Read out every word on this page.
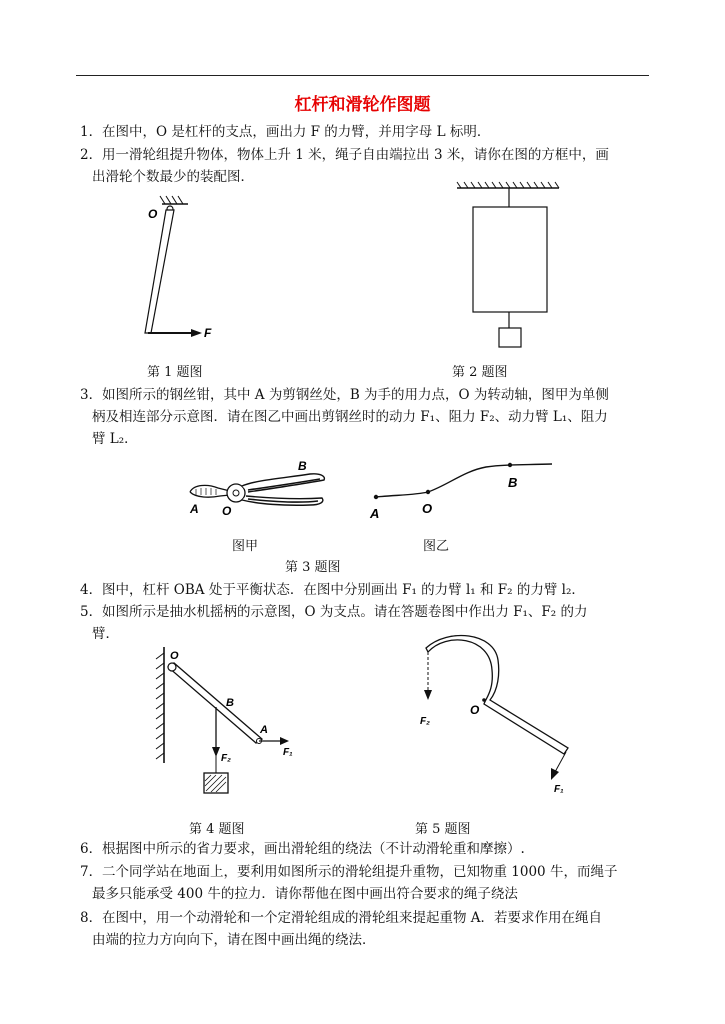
杠杆和滑轮作图题
1．在图中，O 是杠杆的支点，画出力 F 的力臂，并用字母 L 标明．
2．用一滑轮组提升物体，物体上升 1 米，绳子自由端拉出 3 米，请你在图的方框中，画
出滑轮个数最少的装配图．
O
F
第 1 题图	第 2 题图
3．如图所示的钢丝钳，其中 A 为剪钢丝处，B 为手的用力点，O 为转动轴，图甲为单侧
柄及相连部分示意图．请在图乙中画出剪钢丝时的动力 F₁、阻力 F₂、动力臂 L₁、阻力
臂 L₂．
A O
B
A	O
B
图甲	图乙
第 3 题图
4．图中，杠杆 OBA 处于平衡状态．在图中分别画出 F₁ 的力臂 l₁ 和 F₂ 的力臂 l₂．
5．如图所示是抽水机摇柄的示意图，O 为支点。请在答题卷图中作出力 F₁、F₂ 的力
臂．
O
B
A
F₁
F₂
第 4 题图
O
F₂
F₁
第 5 题图
6．根据图中所示的省力要求，画出滑轮组的绕法（不计动滑轮重和摩擦）.
7．二个同学站在地面上，要利用如图所示的滑轮组提升重物，已知物重 1000 牛，而绳子
最多只能承受 400 牛的拉力．请你帮他在图中画出符合要求的绳子绕法
8．在图中，用一个动滑轮和一个定滑轮组成的滑轮组来提起重物 A．若要求作用在绳自
由端的拉力方向向下，请在图中画出绳的绕法．
